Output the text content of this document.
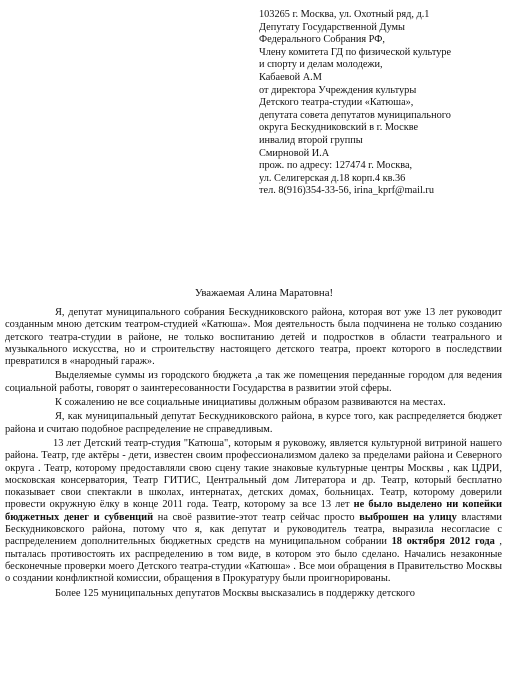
103265 г. Москва, ул. Охотный ряд, д.1
Депутату Государственной Думы
Федерального Собрания РФ,
Члену комитета ГД по физической культуре
и спорту и делам молодежи,
Кабаевой А.М
от директора Учреждения культуры
Детского театра-студии «Катюша»,
депутата совета депутатов муниципального
округа Бескудниковский в г. Москве
инвалид второй группы
Смирновой И.А
прож. по адресу: 127474 г. Москва,
ул. Селигерская д.18 корп.4 кв.36
тел. 8(916)354-33-56, irina_kprf@mail.ru
Уважаемая Алина Маратовна!

Я, депутат муниципального собрания Бескудниковского района, которая вот уже 13 лет руководит созданным мною детским театром-студией «Катюша». Моя деятельность была подчинена не только созданию детского театра-студии в районе, не только воспитанию детей и подростков в области театрального и музыкального искусства, но и строительству настоящего детского театра, проект которого в последствии превратился в «народный гараж».

Выделяемые суммы из городского бюджета ,а так же помещения переданные городом для ведения социальной работы, говорят о заинтересованности Государства в развитии этой сферы.

К сожалению не все социальные инициативы должным образом развиваются на местах.

Я, как муниципальный депутат Бескудниковского района, в курсе того, как распределяется бюджет района и считаю подобное распределение не справедливым.

13 лет Детский театр-студия "Катюша", которым я руковожу, является культурной витриной нашего района. Театр, где актёры - дети, известен своим профессионализмом далеко за пределами района и Северного округа . Театр, которому предоставляли свою сцену такие знаковые культурные центры Москвы , как ЦДРИ, московская консерватория, Театр ГИТИС, Центральный дом Литератора и др. Театр, который бесплатно показывает свои спектакли в школах, интернатах, детских домах, больницах. Театр, которому доверили провести окружную ёлку в конце 2011 года. Театр, которому за все 13 лет не было выделено ни копейки бюджетных денег и субвенций на своё развитие-этот театр сейчас просто выброшен на улицу властями Бескудниковского района, потому что я, как депутат и руководитель театра, выразила несогласие с распределением дополнительных бюджетных средств на муниципальном собрании 18 октября 2012 года , пыталась противостоять их распределению в том виде, в котором это было сделано. Начались незаконные бесконечные проверки моего Детского театра-студии «Катюша» . Все мои обращения в Правительство Москвы о создании конфликтной комиссии, обращения в Прокуратуру были проигнорированы.

Более 125 муниципальных депутатов Москвы высказались в поддержку детского
